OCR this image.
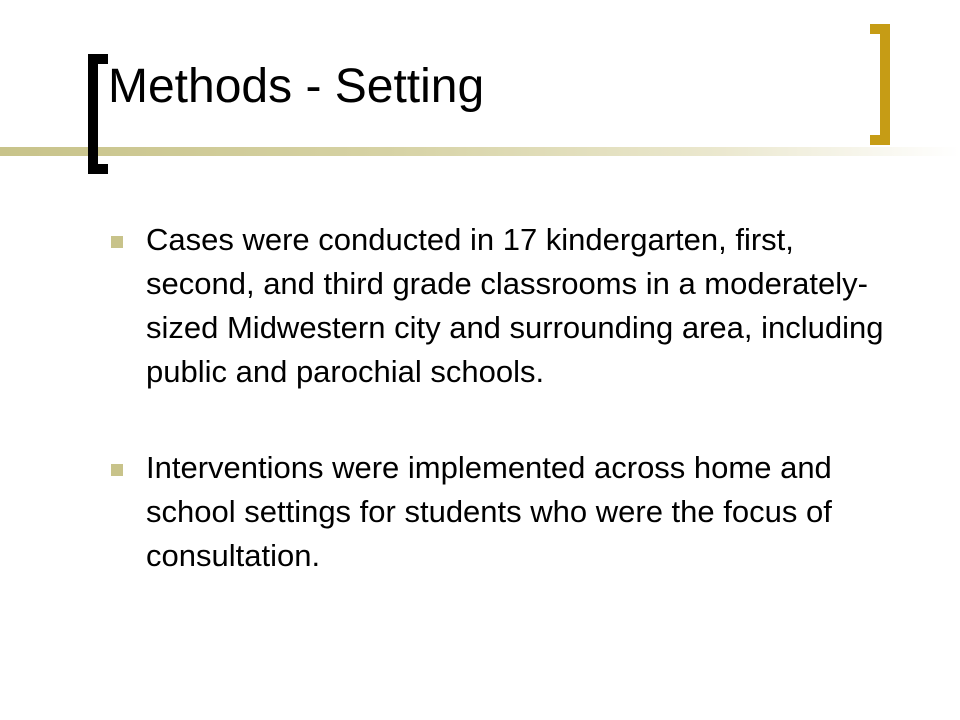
Methods - Setting
Cases were conducted in 17 kindergarten, first, second, and third grade classrooms in a moderately-sized Midwestern city and surrounding area, including public and parochial schools.
Interventions were implemented across home and school settings for students who were the focus of consultation.
